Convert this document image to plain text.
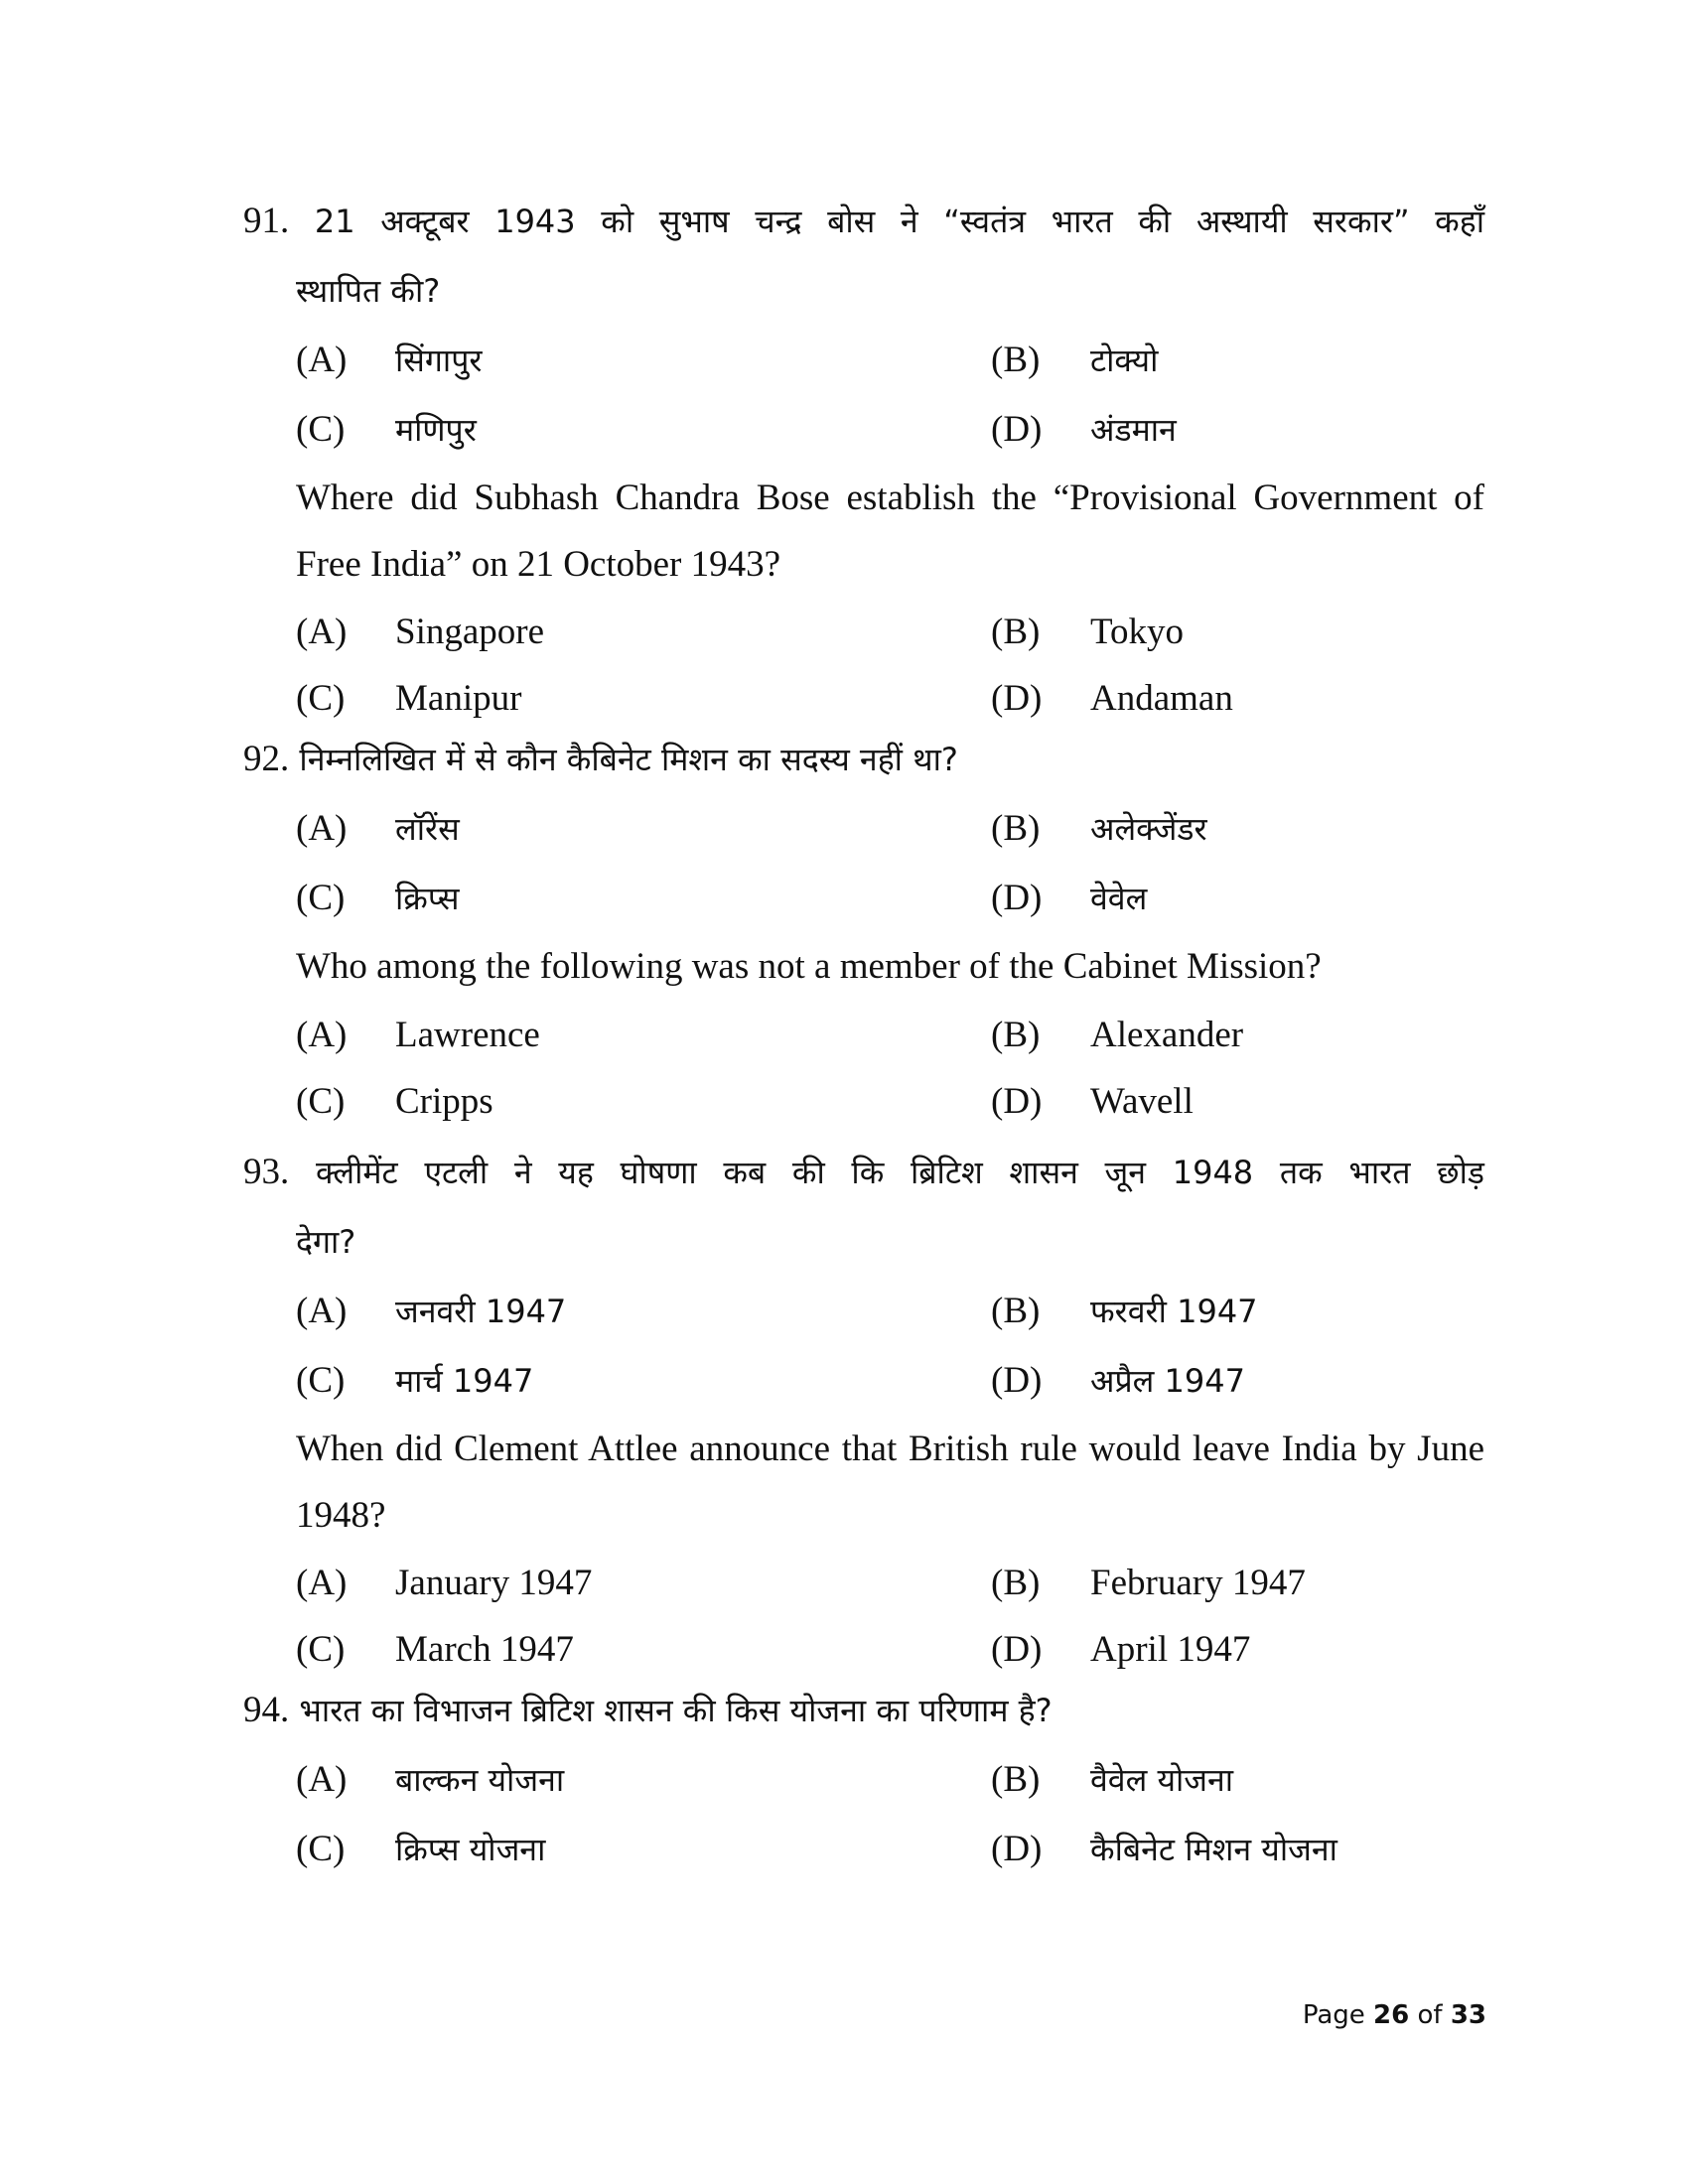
91. 21 अक्टूबर 1943 को सुभाष चन्द्र बोस ने “स्वतंत्र भारत की अस्थायी सरकार” कहाँ
स्थापित की?

(A)	सिंगापुर	(B)	टोक्यो
(C)	मणिपुर	(D)	अंडमान

Where did Subhash Chandra Bose establish the “Provisional Government of Free India” on 21 October 1943?

(A)	Singapore	(B)	Tokyo
(C)	Manipur	(D)	Andaman

92. निम्नलिखित में से कौन कैबिनेट मिशन का सदस्य नहीं था?

(A)	लॉरेंस	(B)	अलेक्जेंडर
(C)	क्रिप्स	(D)	वेवेल

Who among the following was not a member of the Cabinet Mission?

(A)	Lawrence	(B)	Alexander
(C)	Cripps	(D)	Wavell

93. क्लीमेंट एटली ने यह घोषणा कब की कि ब्रिटिश शासन जून 1948 तक भारत छोड़
देगा?

(A)	जनवरी 1947	(B)	फरवरी 1947
(C)	मार्च 1947	(D)	अप्रैल 1947

When did Clement Attlee announce that British rule would leave India by June 1948?

(A)	January 1947	(B)	February 1947
(C)	March 1947	(D)	April 1947

94. भारत का विभाजन ब्रिटिश शासन की किस योजना का परिणाम है?

(A)	बाल्कन योजना	(B)	वैवेल योजना
(C)	क्रिप्स योजना	(D)	कैबिनेट मिशन योजना
Page 26 of 33
